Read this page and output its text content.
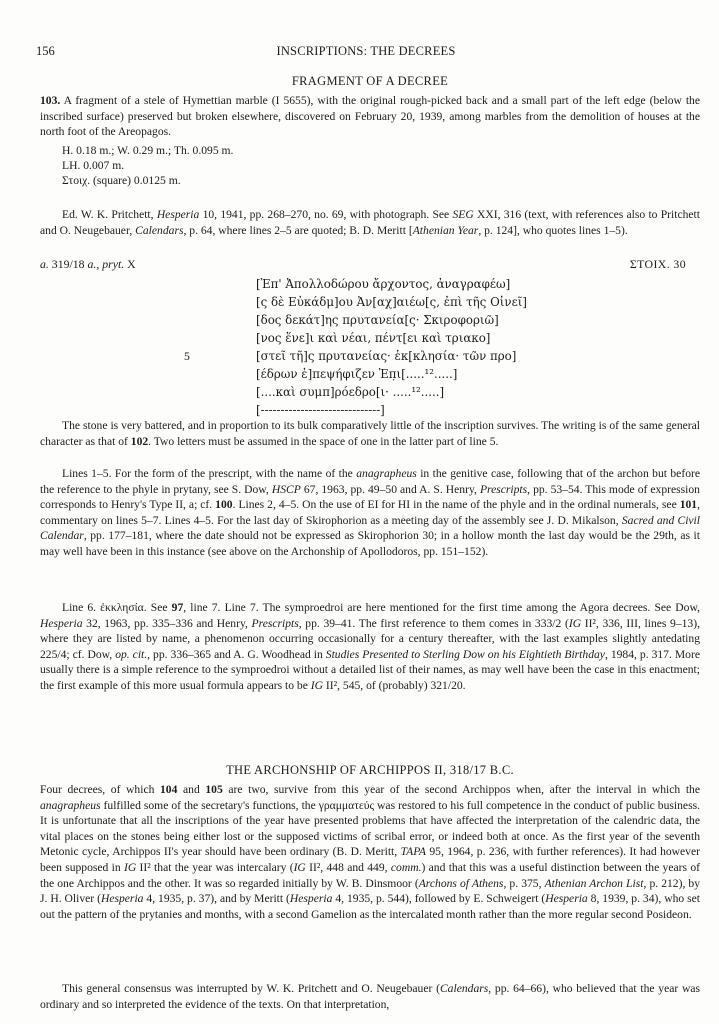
156	INSCRIPTIONS: THE DECREES
FRAGMENT OF A DECREE

103. A fragment of a stele of Hymettian marble (I 5655), with the original rough-picked back and a small part of the left edge (below the inscribed surface) preserved but broken elsewhere, discovered on February 20, 1939, among marbles from the demolition of houses at the north foot of the Areopagos.

H. 0.18 m.; W. 0.29 m.; Th. 0.095 m.
LH. 0.007 m.
Στοιχ. (square) 0.0125 m.

Ed. W. K. Pritchett, Hesperia 10, 1941, pp. 268–270, no. 69, with photograph. See SEG XXI, 316 (text, with references also to Pritchett and O. Neugebauer, Calendars, p. 64, where lines 2–5 are quoted; B. D. Meritt [Athenian Year, p. 124], who quotes lines 1–5).

a. 319/18 a., pryt. X	ΣΤΟΙΧ. 30
[Ἐπ' Ἀπολλοδώρου ἄρχοντος, ἀναγραφέω]
[ς δὲ Εὐκάδμ]ου Ἀν[αχ]αιέω[ς, ἐπὶ τῆς Οἰνεῖ]
[δος δεκάτ]ης πρυτανεία[ς· Σκιροφοριῶ]
[νος ἕνε]ι καὶ νέαι, πέντ[ει καὶ τριακο]
5	[στεῖ τῆ]ς πρυτανείας· ἐκ[κλησία· τῶν προ]
[έδρων ἐ]πεψήφιζεν Ἐπ̣ι[.....¹².....]
[....καὶ συμπ]ρόεδρο[ι· .....¹².....]
[------------------------------]

The stone is very battered, and in proportion to its bulk comparatively little of the inscription survives. The writing is of the same general character as that of 102. Two letters must be assumed in the space of one in the latter part of line 5.

Lines 1–5. For the form of the prescript, with the name of the anagrapheus in the genitive case, following that of the archon but before the reference to the phyle in prytany, see S. Dow, HSCP 67, 1963, pp. 49–50 and A. S. Henry, Prescripts, pp. 53–54. This mode of expression corresponds to Henry's Type II, a; cf. 100. Lines 2, 4–5. On the use of EI for HI in the name of the phyle and in the ordinal numerals, see 101, commentary on lines 5–7. Lines 4–5. For the last day of Skirophorion as a meeting day of the assembly see J. D. Mikalson, Sacred and Civil Calendar, pp. 177–181, where the date should not be expressed as Skirophorion 30; in a hollow month the last day would be the 29th, as it may well have been in this instance (see above on the Archonship of Apollodoros, pp. 151–152).

Line 6. ἐκκλησία. See 97, line 7. Line 7. The symproedroi are here mentioned for the first time among the Agora decrees. See Dow, Hesperia 32, 1963, pp. 335–336 and Henry, Prescripts, pp. 39–41. The first reference to them comes in 333/2 (IG II², 336, III, lines 9–13), where they are listed by name, a phenomenon occurring occasionally for a century thereafter, with the last examples slightly antedating 225/4; cf. Dow, op. cit., pp. 336–365 and A. G. Woodhead in Studies Presented to Sterling Dow on his Eightieth Birthday, 1984, p. 317. More usually there is a simple reference to the symproedroi without a detailed list of their names, as may well have been the case in this enactment; the first example of this more usual formula appears to be IG II², 545, of (probably) 321/20.

THE ARCHONSHIP OF ARCHIPPOS II, 318/17 B.C.

Four decrees, of which 104 and 105 are two, survive from this year of the second Archippos when, after the interval in which the anagrapheus fulfilled some of the secretary's functions, the γραμματεύς was restored to his full competence in the conduct of public business. It is unfortunate that all the inscriptions of the year have presented problems that have affected the interpretation of the calendric data, the vital places on the stones being either lost or the supposed victims of scribal error, or indeed both at once. As the first year of the seventh Metonic cycle, Archippos II's year should have been ordinary (B. D. Meritt, TAPA 95, 1964, p. 236, with further references). It had however been supposed in IG II² that the year was intercalary (IG II², 448 and 449, comm.) and that this was a useful distinction between the years of the one Archippos and the other. It was so regarded initially by W. B. Dinsmoor (Archons of Athens, p. 375, Athenian Archon List, p. 212), by J. H. Oliver (Hesperia 4, 1935, p. 37), and by Meritt (Hesperia 4, 1935, p. 544), followed by E. Schweigert (Hesperia 8, 1939, p. 34), who set out the pattern of the prytanies and months, with a second Gamelion as the intercalated month rather than the more regular second Posideon.

This general consensus was interrupted by W. K. Pritchett and O. Neugebauer (Calendars, pp. 64–66), who believed that the year was ordinary and so interpreted the evidence of the texts. On that interpretation,
